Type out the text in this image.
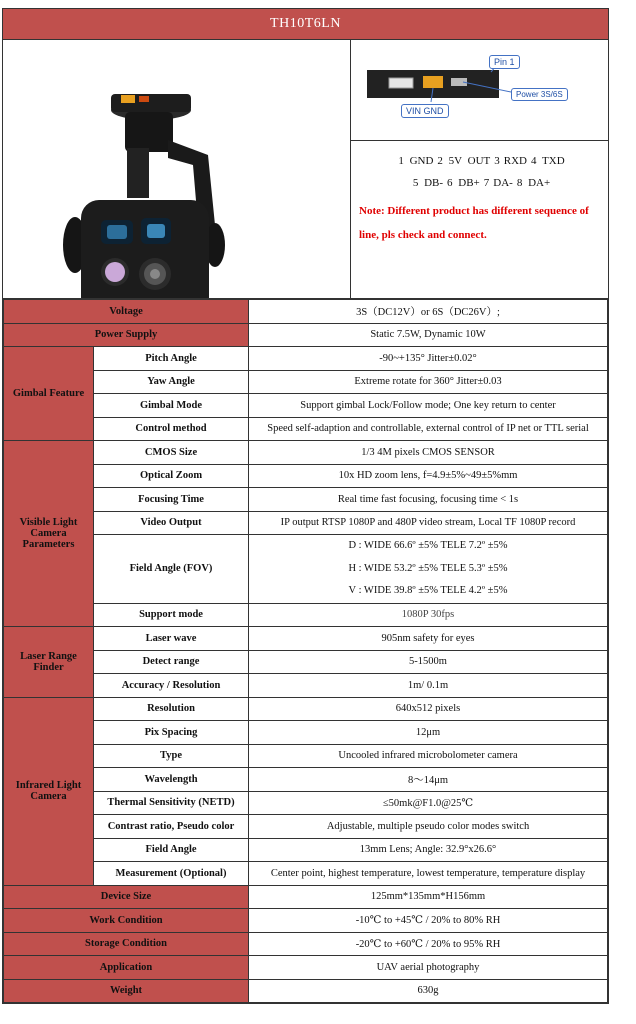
TH10T6LN
Pin 1
Power 3S/6S
VIN GND
1 GND 2 5V OUT 3 RXD 4 TXD
5 DB- 6 DB+ 7 DA- 8 DA+
Note: Different product has different sequence of line, pls check and connect.
Voltage		3S（DC12V）or 6S（DC26V）;
Power Supply		Static 7.5W, Dynamic 10W
Gimbal Feature	Pitch Angle	-90~+135° Jitter±0.02°
	Yaw Angle	Extreme rotate for 360° Jitter±0.03
	Gimbal Mode	Support gimbal Lock/Follow mode; One key return to center
	Control method	Speed self-adaption and controllable, external control of IP net or TTL serial
Visible Light Camera Parameters	CMOS Size	1/3 4M pixels CMOS SENSOR
	Optical Zoom	10x HD zoom lens, f=4.9±5%~49±5%mm
	Focusing Time	Real time fast focusing, focusing time < 1s
	Video Output	IP output RTSP 1080P and 480P video stream, Local TF 1080P record
	Field Angle (FOV)	D : WIDE 66.6º ±5% TELE 7.2º ±5%
H : WIDE 53.2º ±5% TELE 5.3º ±5%
V : WIDE 39.8º ±5% TELE 4.2º ±5%

	Support mode	1080P 30fps
Laser Range Finder	Laser wave	905nm safety for eyes
	Detect range	5-1500m
	Accuracy / Resolution	1m/ 0.1m
Infrared Light Camera	Resolution	640x512 pixels
	Pix Spacing	12μm
	Type	Uncooled infrared microbolometer camera
	Wavelength	8～14μm
	Thermal Sensitivity (NETD)	≤50mk@F1.0@25℃
	Contrast ratio, Pseudo color	Adjustable, multiple pseudo color modes switch
	Field Angle	13mm Lens; Angle: 32.9°x26.6°
	Measurement (Optional)	Center point, highest temperature, lowest temperature, temperature display
Device Size		125mm*135mm*H156mm
Work Condition		-10℃ to +45℃ / 20% to 80% RH
Storage Condition		-20℃ to +60℃ / 20% to 95% RH
Application		UAV aerial photography
Weight		630g
